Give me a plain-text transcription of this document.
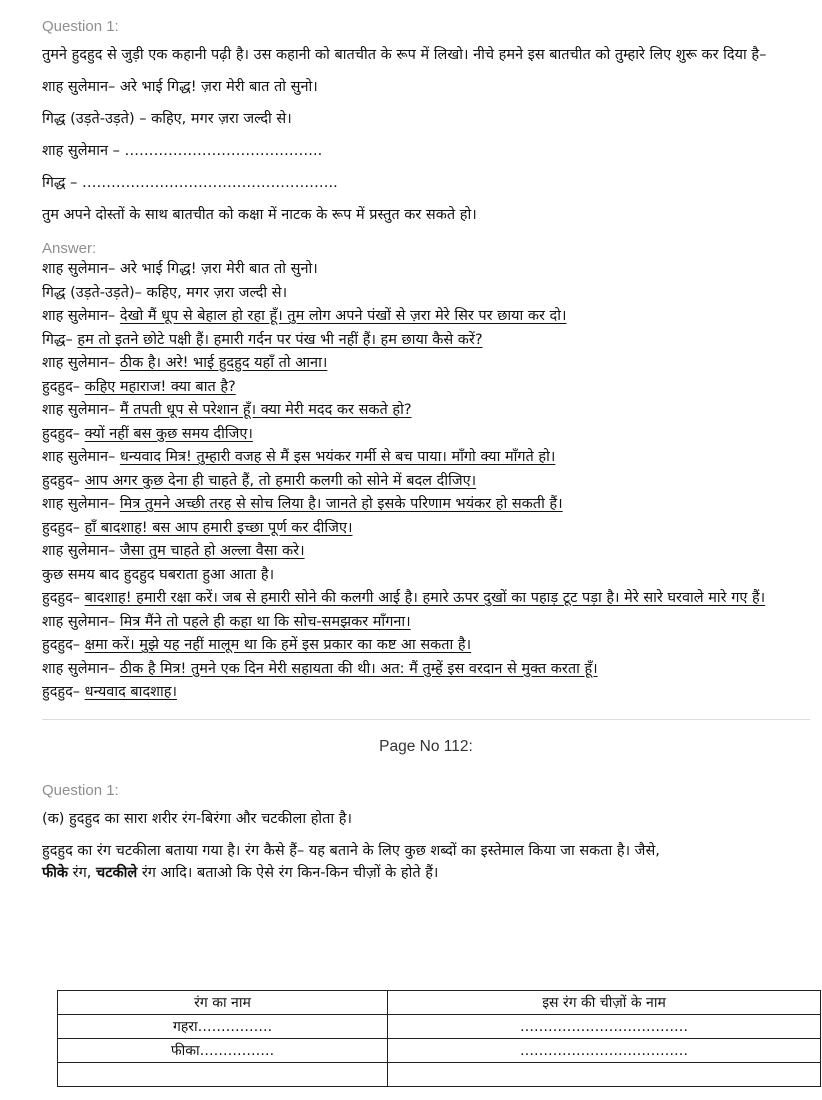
Question 1:
तुमने हुदहुद से जुड़ी एक कहानी पढ़ी है। उस कहानी को बातचीत के रूप में लिखो। नीचे हमने इस बातचीत को तुम्हारे लिए शुरू कर दिया है–
शाह सुलेमान– अरे भाई गिद्ध! ज़रा मेरी बात तो सुनो।
गिद्ध (उड़ते-उड़ते) – कहिए, मगर ज़रा जल्दी से।
शाह सुलेमान – …………………………………..
गिद्ध – ……………………………………………..
तुम अपने दोस्तों के साथ बातचीत को कक्षा में नाटक के रूप में प्रस्तुत कर सकते हो।
Answer:
शाह सुलेमान– अरे भाई गिद्ध! ज़रा मेरी बात तो सुनो।
गिद्ध (उड़ते-उड़ते)– कहिए, मगर ज़रा जल्दी से।
शाह सुलेमान– देखो मैं धूप से बेहाल हो रहा हूँ। तुम लोग अपने पंखों से ज़रा मेरे सिर पर छाया कर दो।
गिद्ध– हम तो इतने छोटे पक्षी हैं। हमारी गर्दन पर पंख भी नहीं हैं। हम छाया कैसे करें?
शाह सुलेमान– ठीक है। अरे! भाई हुदहुद यहाँ तो आना।
हुदहुद– कहिए महाराज! क्या बात है?
शाह सुलेमान– मैं तपती धूप से परेशान हूँ। क्या मेरी मदद कर सकते हो?
हुदहुद– क्यों नहीं बस कुछ समय दीजिए।
शाह सुलेमान– धन्यवाद मित्र! तुम्हारी वजह से मैं इस भयंकर गर्मी से बच पाया। माँगो क्या माँगते हो।
हुदहुद– आप अगर कुछ देना ही चाहते हैं, तो हमारी कलगी को सोने में बदल दीजिए।
शाह सुलेमान– मित्र तुमने अच्छी तरह से सोच लिया है। जानते हो इसके परिणाम भयंकर हो सकती हैं।
हुदहुद– हाँ बादशाह! बस आप हमारी इच्छा पूर्ण कर दीजिए।
शाह सुलेमान– जैसा तुम चाहते हो अल्ला वैसा करे।
कुछ समय बाद हुदहुद घबराता हुआ आता है।
हुदहुद– बादशाह! हमारी रक्षा करें। जब से हमारी सोने की कलगी आई है। हमारे ऊपर दुखों का पहाड़ टूट पड़ा है। मेरे सारे घरवाले मारे गए हैं।
शाह सुलेमान– मित्र मैंने तो पहले ही कहा था कि सोच-समझकर माँगना।
हुदहुद– क्षमा करें। मुझे यह नहीं मालूम था कि हमें इस प्रकार का कष्ट आ सकता है।
शाह सुलेमान– ठीक है मित्र! तुमने एक दिन मेरी सहायता की थी। अत: मैं तुम्हें इस वरदान से मुक्त करता हूँ।
हुदहुद– धन्यवाद बादशाह।
Page No 112:
Question 1:
(क) हुदहुद का सारा शरीर रंग-बिरंगा और चटकीला होता है।
हुदहुद का रंग चटकीला बताया गया है। रंग कैसे हैं– यह बताने के लिए कुछ शब्दों का इस्तेमाल किया जा सकता है। जैसे,
फीके रंग, चटकीले रंग आदि। बताओ कि ऐसे रंग किन-किन चीज़ों के होते हैं।
रंग का नाम	इस रंग की चीज़ों के नाम
गहरा…………….	………………………………
फीका…………….	………………………………
